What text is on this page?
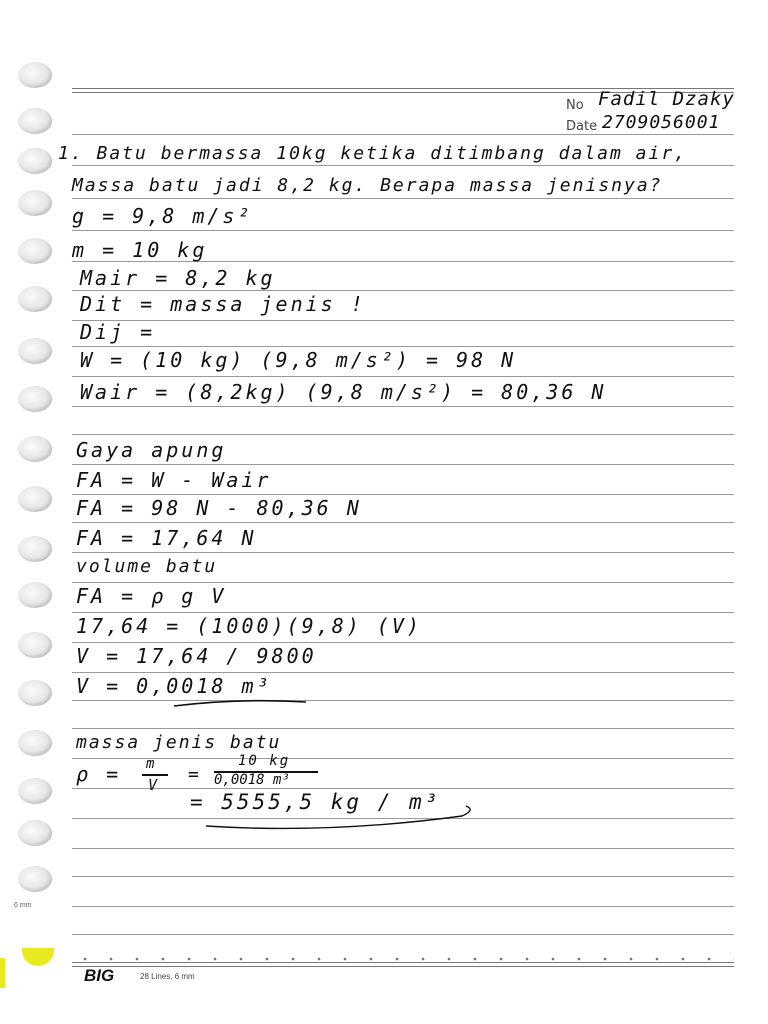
No Fadil Dzaky
Date 2709056001
1. Batu bermassa 10kg ketika ditimbang dalam air,
Massa batu jadi 8,2 kg. Berapa massa jenisnya?
g = 9,8 m/s²
m = 10 kg
Mair = 8,2 kg
Dit = massa jenis !
Dij =
W = (10 kg) (9,8 m/s²) = 98 N
Wair = (8,2kg) (9,8 m/s²) = 80,36 N
Gaya apung
FA = W - Wair
FA = 98 N - 80,36 N
FA = 17,64 N
volume batu
FA = ρ g V
17,64 = (1000)(9,8) (V)
V = 17,64 / 9800
V = 0,0018 m³
massa jenis batu
ρ = m
V =
10 kg
0,0018 m³
= 5555,5 kg / m³
BIG	28 Lines, 6 mm
6 mm
